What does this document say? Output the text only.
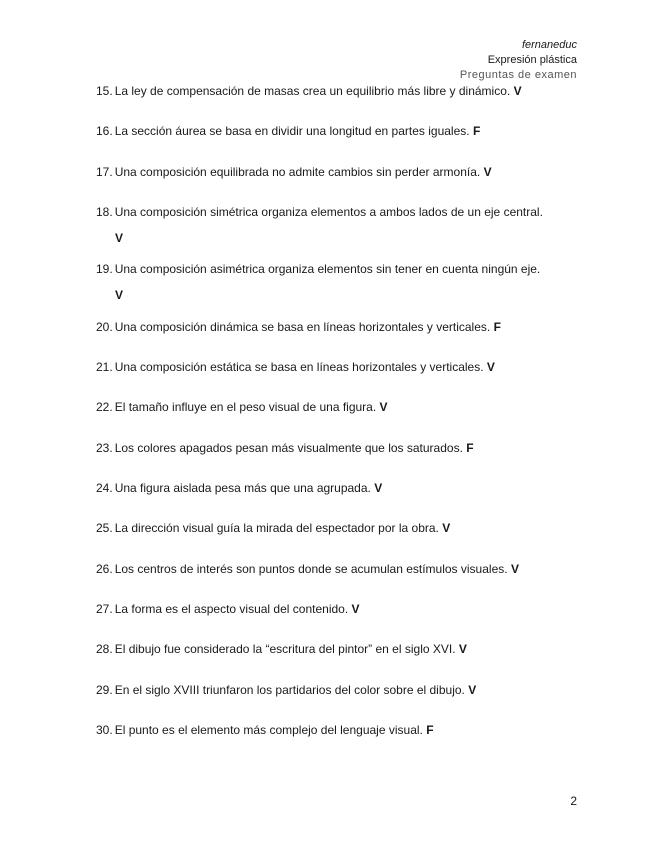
fernaneduc
Expresión plástica
Preguntas de examen
15. La ley de compensación de masas crea un equilibrio más libre y dinámico. V
16. La sección áurea se basa en dividir una longitud en partes iguales. F
17. Una composición equilibrada no admite cambios sin perder armonía. V
18. Una composición simétrica organiza elementos a ambos lados de un eje central.
V
19. Una composición asimétrica organiza elementos sin tener en cuenta ningún eje.
V
20. Una composición dinámica se basa en líneas horizontales y verticales. F
21. Una composición estática se basa en líneas horizontales y verticales. V
22. El tamaño influye en el peso visual de una figura. V
23. Los colores apagados pesan más visualmente que los saturados. F
24. Una figura aislada pesa más que una agrupada. V
25. La dirección visual guía la mirada del espectador por la obra. V
26. Los centros de interés son puntos donde se acumulan estímulos visuales. V
27. La forma es el aspecto visual del contenido. V
28. El dibujo fue considerado la “escritura del pintor” en el siglo XVI. V
29. En el siglo XVIII triunfaron los partidarios del color sobre el dibujo. V
30. El punto es el elemento más complejo del lenguaje visual. F
2
